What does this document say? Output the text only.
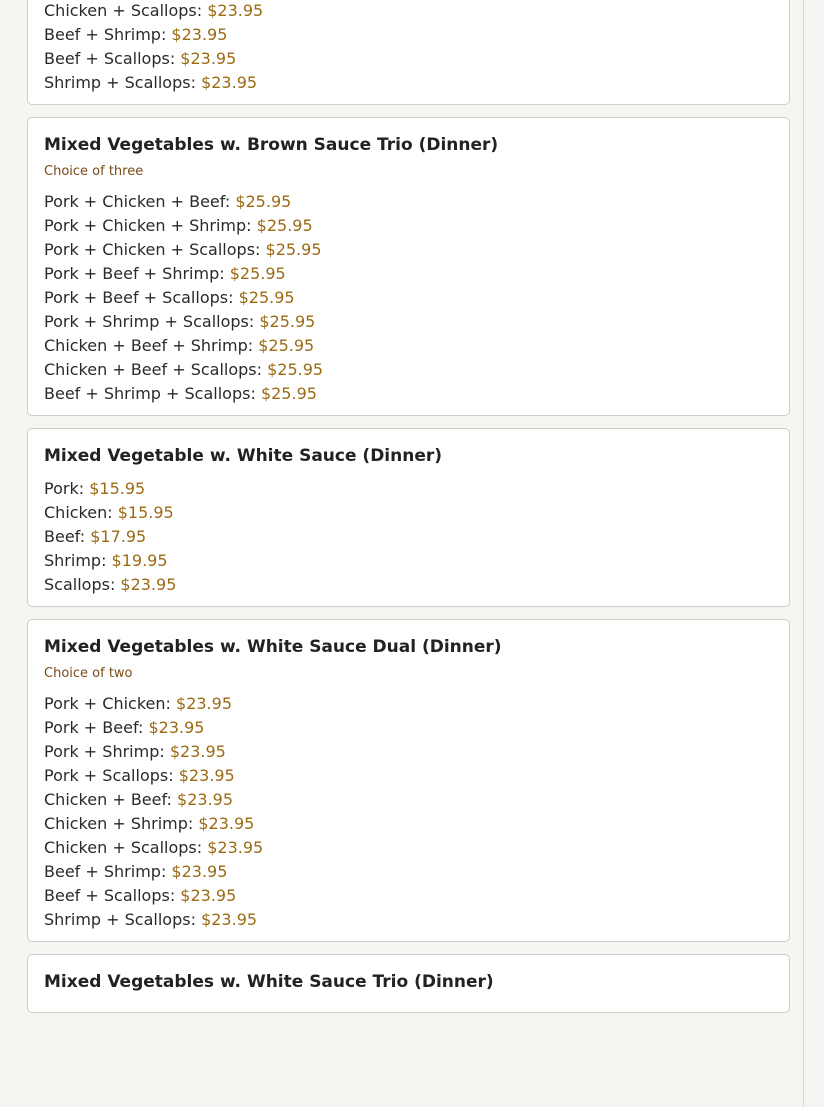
Chicken + Scallops: $23.95
Beef + Shrimp: $23.95
Beef + Scallops: $23.95
Shrimp + Scallops: $23.95
Mixed Vegetables w. Brown Sauce Trio (Dinner)
Choice of three
Pork + Chicken + Beef: $25.95
Pork + Chicken + Shrimp: $25.95
Pork + Chicken + Scallops: $25.95
Pork + Beef + Shrimp: $25.95
Pork + Beef + Scallops: $25.95
Pork + Shrimp + Scallops: $25.95
Chicken + Beef + Shrimp: $25.95
Chicken + Beef + Scallops: $25.95
Beef + Shrimp + Scallops: $25.95
Mixed Vegetable w. White Sauce (Dinner)
Pork: $15.95
Chicken: $15.95
Beef: $17.95
Shrimp: $19.95
Scallops: $23.95
Mixed Vegetables w. White Sauce Dual (Dinner)
Choice of two
Pork + Chicken: $23.95
Pork + Beef: $23.95
Pork + Shrimp: $23.95
Pork + Scallops: $23.95
Chicken + Beef: $23.95
Chicken + Shrimp: $23.95
Chicken + Scallops: $23.95
Beef + Shrimp: $23.95
Beef + Scallops: $23.95
Shrimp + Scallops: $23.95
Mixed Vegetables w. White Sauce Trio (Dinner)
